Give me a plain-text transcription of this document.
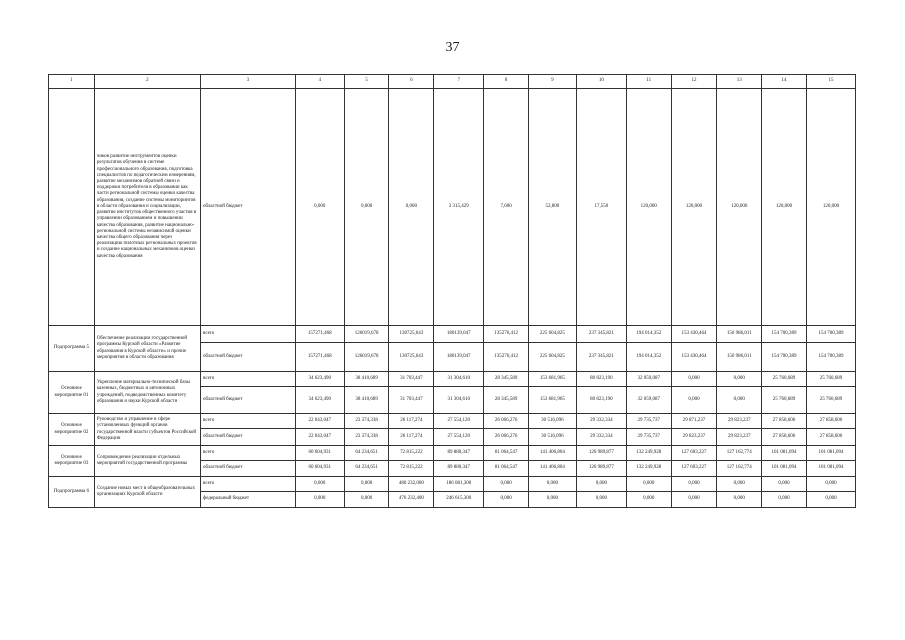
37
1	2	3	4	5	6	7	8	9	10	11	12	13	14	15
	чиков развитие инструментов оценки результатов обучения в системе профессионального образования, подготовка специалистов по педагогическим измерениям, развитие механизмов обратной связи и поддержки потребителя в образовании как части региональной системы оценки качества образования, создание системы мониторингов в области образования и социализации, развитие институтов общественного участия в управлении образованием и повышении качества образования, развитие национально-региональной системы независимой оценки качества общего образования через реализацию пилотных региональных проектов и создание национальных механизмов оценки качества образования	областной бюджет	0,000	0,000	0,000	3 315,429	7,600	52,800	17,550	120,000	120,000	120,000	120,000	120,000
Подпрограмма 5	Обеспечение реализации государственной программы Курской области «Развитие образования в Курской области» и прочие мероприятия в области образования	всего	157271,468	126019,678	130725,643	180139,047	135276,412	225 604,825	237 345,821	194 014,352	153 430,464	156 986,011	154 700,389	154 700,389
		областной бюджет	157271,468	126019,678	130725,643	180139,047	135276,412	225 604,825	237 345,821	194 014,352	153 430,464	156 986,011	154 700,389	154 700,389
Основное мероприятие 01	Укрепление материально-технической базы казенных, бюджетных и автономных учреждений, подведомственных комитету образования и науки Курской области	всего	34 623,490	38 410,689	31 703,447	31 304,610	28 345,589	153 681,965	80 823,190	32 059,087	0,000	0,000	25 760,689	25 760,689
		областной бюджет	34 623,490	38 410,689	31 703,447	31 304,610	28 345,589	153 681,965	80 823,190	32 059,087	0,000	0,000	25 760,689	25 760,689
Основное мероприятие 02	Руководство и управление в сфере установленных функций органов государственной власти субъектов Российской Федерации	всего	22 043,047	23 374,338	26 117,274	27 554,120	26 066,276	30 516,096	29 332,334	29 735,737	29 871,237	29 823,237	27 858,606	27 858,606
		областной бюджет	22 043,047	23 374,338	26 117,274	27 554,120	26 066,276	30 516,096	29 332,334	29 735,737	29 823,237	29 823,237	27 858,606	27 858,606
Основное мероприятие 03	Сопровождение реализации отдельных мероприятий государственной программы	всего	60 604,931	64 234,651	72 815,222	89 880,347	81 064,547	141 406,804	126 989,877	132 249,928	127 603,227	127 162,774	101 081,094	101 081,094
		областной бюджет	60 604,931	64 234,651	72 815,222	89 880,347	81 064,547	141 406,804	126 989,877	132 249,928	127 603,227	127 162,774	101 081,094	101 081,094
Подпрограмма 6	Создание новых мест в общеобразовательных организациях Курской области	всего	0,000	0,000	480 232,000	186 081,300	0,000	0,000	0,000	0,000	0,000	0,000	0,000	0,000
		федеральный бюджет	0,000	0,000	476 232,400	246 615,300	0,000	0,000	0,000	0,000	0,000	0,000	0,000	0,000
